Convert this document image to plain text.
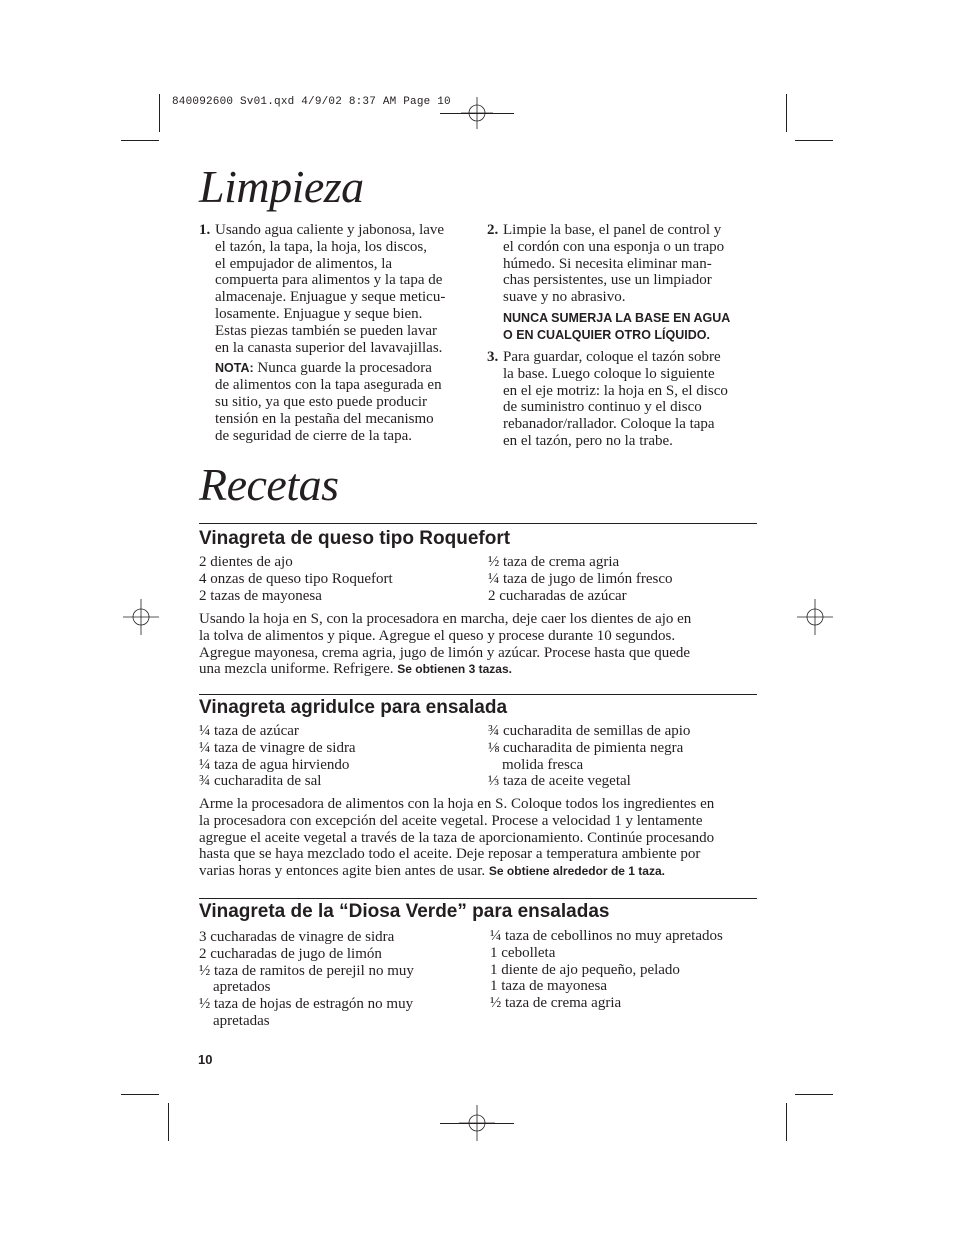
840092600 Sv01.qxd 4/9/02 8:37 AM Page 10
Limpieza
1. Usando agua caliente y jabonosa, lave
el tazón, la tapa, la hoja, los discos,
el empujador de alimentos, la
compuerta para alimentos y la tapa de
almacenaje. Enjuague y seque meticu-
losamente. Enjuague y seque bien.
Estas piezas también se pueden lavar
en la canasta superior del lavavajillas.
NOTA: Nunca guarde la procesadora
de alimentos con la tapa asegurada en
su sitio, ya que esto puede producir
tensión en la pestaña del mecanismo
de seguridad de cierre de la tapa.
2. Limpie la base, el panel de control y
el cordón con una esponja o un trapo
húmedo. Si necesita eliminar man-
chas persistentes, use un limpiador
suave y no abrasivo.
NUNCA SUMERJA LA BASE EN AGUA
O EN CUALQUIER OTRO LÍQUIDO.
3. Para guardar, coloque el tazón sobre
la base. Luego coloque lo siguiente
en el eje motriz: la hoja en S, el disco
de suministro continuo y el disco
rebanador/rallador. Coloque la tapa
en el tazón, pero no la trabe.
Recetas
Vinagreta de queso tipo Roquefort
2 dientes de ajo
4 onzas de queso tipo Roquefort
2 tazas de mayonesa
½ taza de crema agria
¼ taza de jugo de limón fresco
2 cucharadas de azúcar
Usando la hoja en S, con la procesadora en marcha, deje caer los dientes de ajo en
la tolva de alimentos y pique. Agregue el queso y procese durante 10 segundos.
Agregue mayonesa, crema agria, jugo de limón y azúcar. Procese hasta que quede
una mezcla uniforme. Refrigere. Se obtienen 3 tazas.
Vinagreta agridulce para ensalada
¼ taza de azúcar
¼ taza de vinagre de sidra
¼ taza de agua hirviendo
¾ cucharadita de sal
¾ cucharadita de semillas de apio
⅛ cucharadita de pimienta negra molida fresca
⅓ taza de aceite vegetal
Arme la procesadora de alimentos con la hoja en S. Coloque todos los ingredientes en
la procesadora con excepción del aceite vegetal. Procese a velocidad 1 y lentamente
agregue el aceite vegetal a través de la taza de aporcionamiento. Continúe procesando
hasta que se haya mezclado todo el aceite. Deje reposar a temperatura ambiente por
varias horas y entonces agite bien antes de usar. Se obtiene alrededor de 1 taza.
Vinagreta de la “Diosa Verde” para ensaladas
3 cucharadas de vinagre de sidra
2 cucharadas de jugo de limón
½ taza de ramitos de perejil no muy apretados
½ taza de hojas de estragón no muy apretadas
¼ taza de cebollinos no muy apretados
1 cebolleta
1 diente de ajo pequeño, pelado
1 taza de mayonesa
½ taza de crema agria
10
